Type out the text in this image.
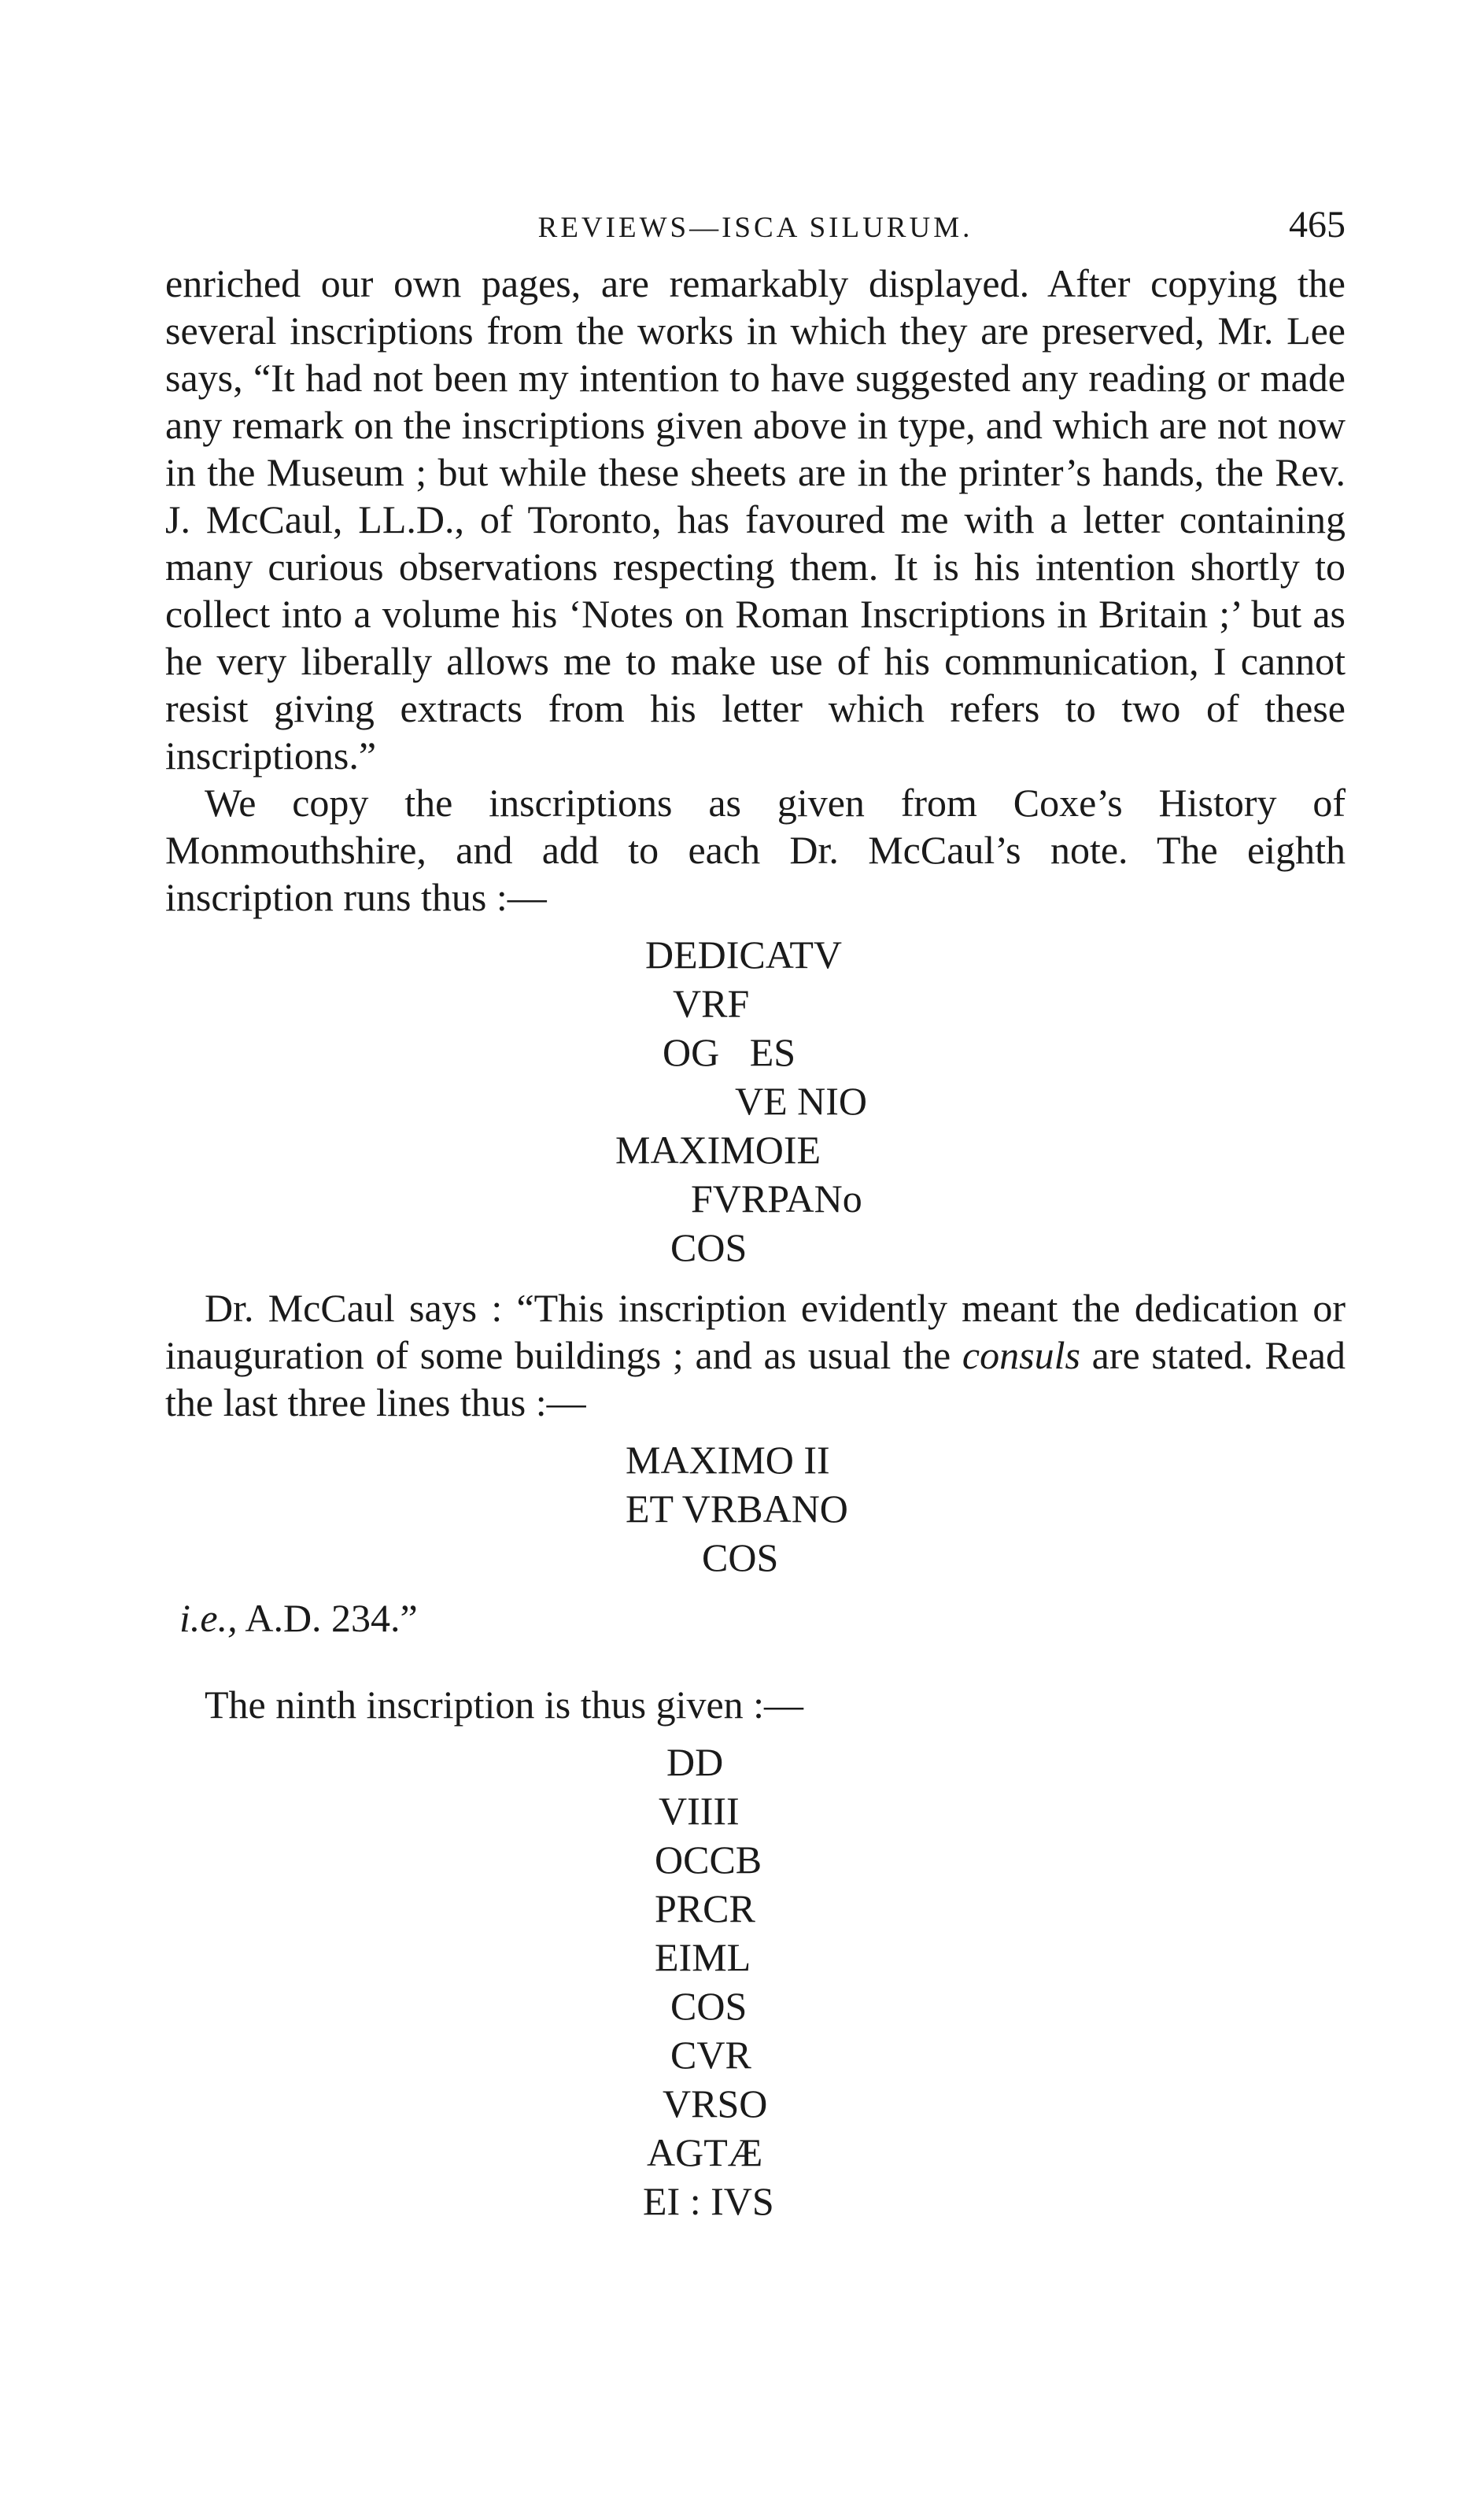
REVIEWS—ISCA SILURUM.	465

enriched our own pages, are remarkably displayed. After copying the several inscriptions from the works in which they are preserved, Mr. Lee says, “It had not been my intention to have suggested any reading or made any remark on the inscriptions given above in type, and which are not now in the Museum ; but while these sheets are in the printer’s hands, the Rev. J. McCaul, LL.D., of Toronto, has favoured me with a letter containing many curious observations respecting them. It is his intention shortly to collect into a volume his ‘Notes on Roman Inscriptions in Britain ;’ but as he very liberally allows me to make use of his communication, I cannot resist giving extracts from his letter which refers to two of these inscriptions.”

We copy the inscriptions as given from Coxe’s History of Monmouthshire, and add to each Dr. McCaul’s note. The eighth inscription runs thus :—

DEDICATV
VRF
OG ES
VE NIO
MAXIMOIE
FVRPANo
COS

Dr. McCaul says : “This inscription evidently meant the dedication or inauguration of some buildings ; and as usual the consuls are stated. Read the last three lines thus :—

MAXIMO II
ET VRBANO
COS

i.e., A.D. 234.”

The ninth inscription is thus given :—

DD
VIIII
OCCB
PRCR
EIML
COS
CVR
VRSO
AGTÆ
EI : IVS
